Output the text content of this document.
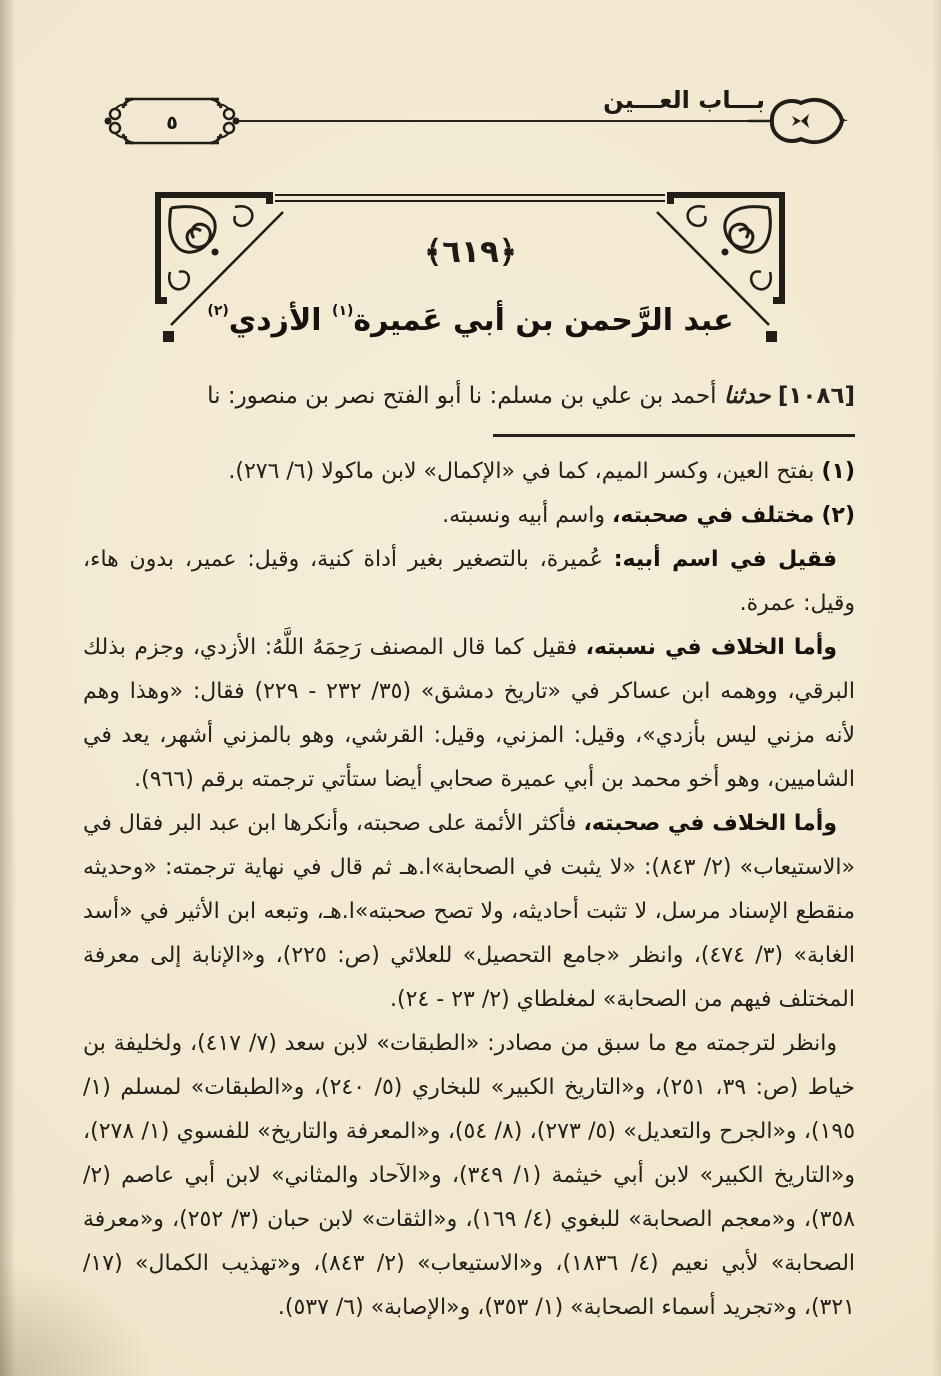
بـــاب العـــين
٥
﴿٦١٩﴾
عبد الرَّحمن بن أبي عَميرة$^{(١)}$ الأزدي$^{(٢)}$

[١٠٨٦] حدثنا أحمد بن علي بن مسلم: نا أبو الفتح نصر بن منصور: نا

(١) بفتح العين، وكسر الميم، كما في «الإكمال» لابن ماكولا (٦/ ٢٧٦).

(٢) مختلف في صحبته، واسم أبيه ونسبته.

فقيل في اسم أبيه: عُميرة، بالتصغير بغير أداة كنية، وقيل: عمير، بدون هاء، وقيل: عمرة.

وأما الخلاف في نسبته، فقيل كما قال المصنف رَحِمَهُ اللَّهُ: الأزدي، وجزم بذلك البرقي، ووهمه ابن عساكر في «تاريخ دمشق» (٣٥/ ٢٣٢ - ٢٢٩) فقال: «وهذا وهم لأنه مزني ليس بأزدي»، وقيل: المزني، وقيل: القرشي، وهو بالمزني أشهر، يعد في الشاميين، وهو أخو محمد بن أبي عميرة صحابي أيضا ستأتي ترجمته برقم (٩٦٦).

وأما الخلاف في صحبته، فأكثر الأئمة على صحبته، وأنكرها ابن عبد البر فقال في «الاستيعاب» (٢/ ٨٤٣): «لا يثبت في الصحابة»ا.هـ ثم قال في نهاية ترجمته: «وحديثه منقطع الإسناد مرسل، لا تثبت أحاديثه، ولا تصح صحبته»ا.هـ، وتبعه ابن الأثير في «أسد الغابة» (٣/ ٤٧٤)، وانظر «جامع التحصيل» للعلائي (ص: ٢٢٥)، و«الإنابة إلى معرفة المختلف فيهم من الصحابة» لمغلطاي (٢/ ٢٣ - ٢٤).

وانظر لترجمته مع ما سبق من مصادر: «الطبقات» لابن سعد (٧/ ٤١٧)، ولخليفة بن خياط (ص: ٣٩، ٢٥١)، و«التاريخ الكبير» للبخاري (٥/ ٢٤٠)، و«الطبقات» لمسلم (١/ ١٩٥)، و«الجرح والتعديل» (٥/ ٢٧٣)، (٨/ ٥٤)، و«المعرفة والتاريخ» للفسوي (١/ ٢٧٨)، و«التاريخ الكبير» لابن أبي خيثمة (١/ ٣٤٩)، و«الآحاد والمثاني» لابن أبي عاصم (٢/ ٣٥٨)، و«معجم الصحابة» للبغوي (٤/ ١٦٩)، و«الثقات» لابن حبان (٣/ ٢٥٢)، و«معرفة الصحابة» لأبي نعيم (٤/ ١٨٣٦)، و«الاستيعاب» (٢/ ٨٤٣)، و«تهذيب الكمال» (١٧/ ٣٢١)، و«تجريد أسماء الصحابة» (١/ ٣٥٣)، و«الإصابة» (٦/ ٥٣٧).
